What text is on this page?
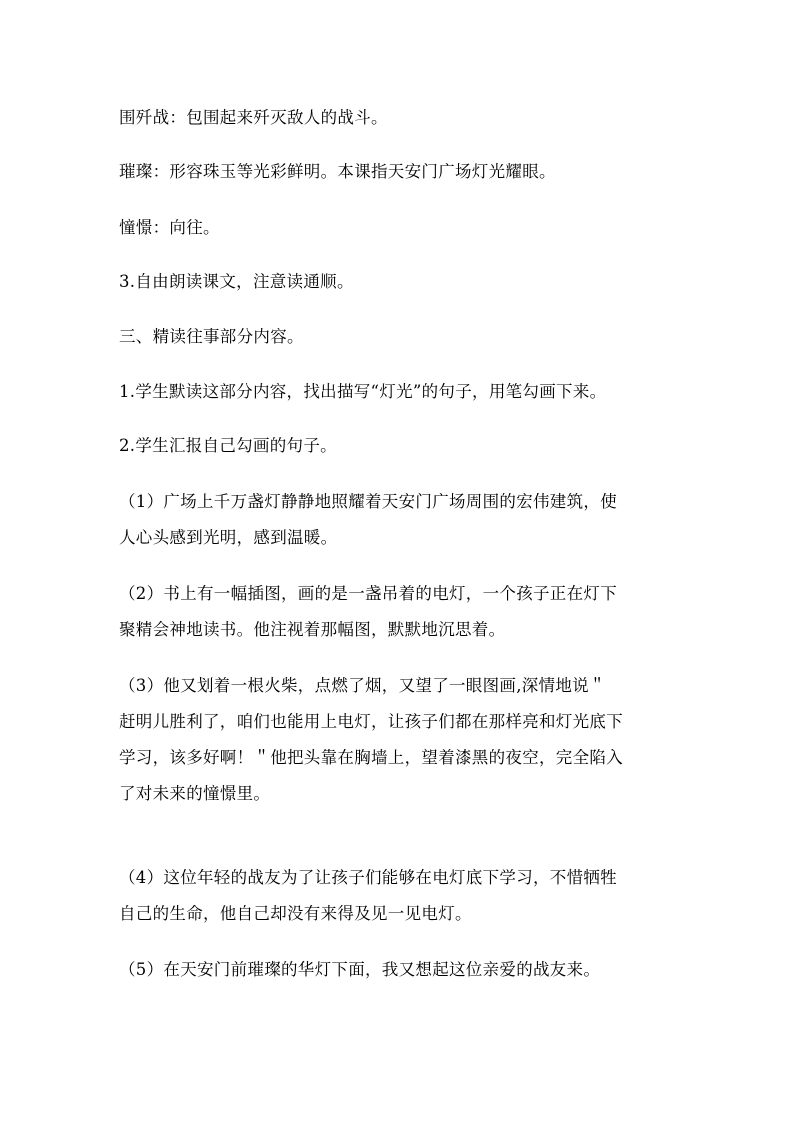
围歼战：包围起来歼灭敌人的战斗。

璀璨：形容珠玉等光彩鲜明。本课指天安门广场灯光耀眼。

憧憬：向往。

3.自由朗读课文，注意读通顺。

三、精读往事部分内容。

1.学生默读这部分内容，找出描写“灯光”的句子，用笔勾画下来。

2.学生汇报自己勾画的句子。

（1）广场上千万盏灯静静地照耀着天安门广场周围的宏伟建筑，使
人心头感到光明，感到温暖。

（2）书上有一幅插图，画的是一盏吊着的电灯，一个孩子正在灯下
聚精会神地读书。他注视着那幅图，默默地沉思着。

（3）他又划着一根火柴，点燃了烟，又望了一眼图画,深情地说＂
赶明儿胜利了，咱们也能用上电灯，让孩子们都在那样亮和灯光底下
学习，该多好啊！＂他把头靠在胸墙上，望着漆黑的夜空，完全陷入
了对未来的憧憬里。

（4）这位年轻的战友为了让孩子们能够在电灯底下学习，不惜牺牲
自己的生命，他自己却没有来得及见一见电灯。

（5）在天安门前璀璨的华灯下面，我又想起这位亲爱的战友来。
